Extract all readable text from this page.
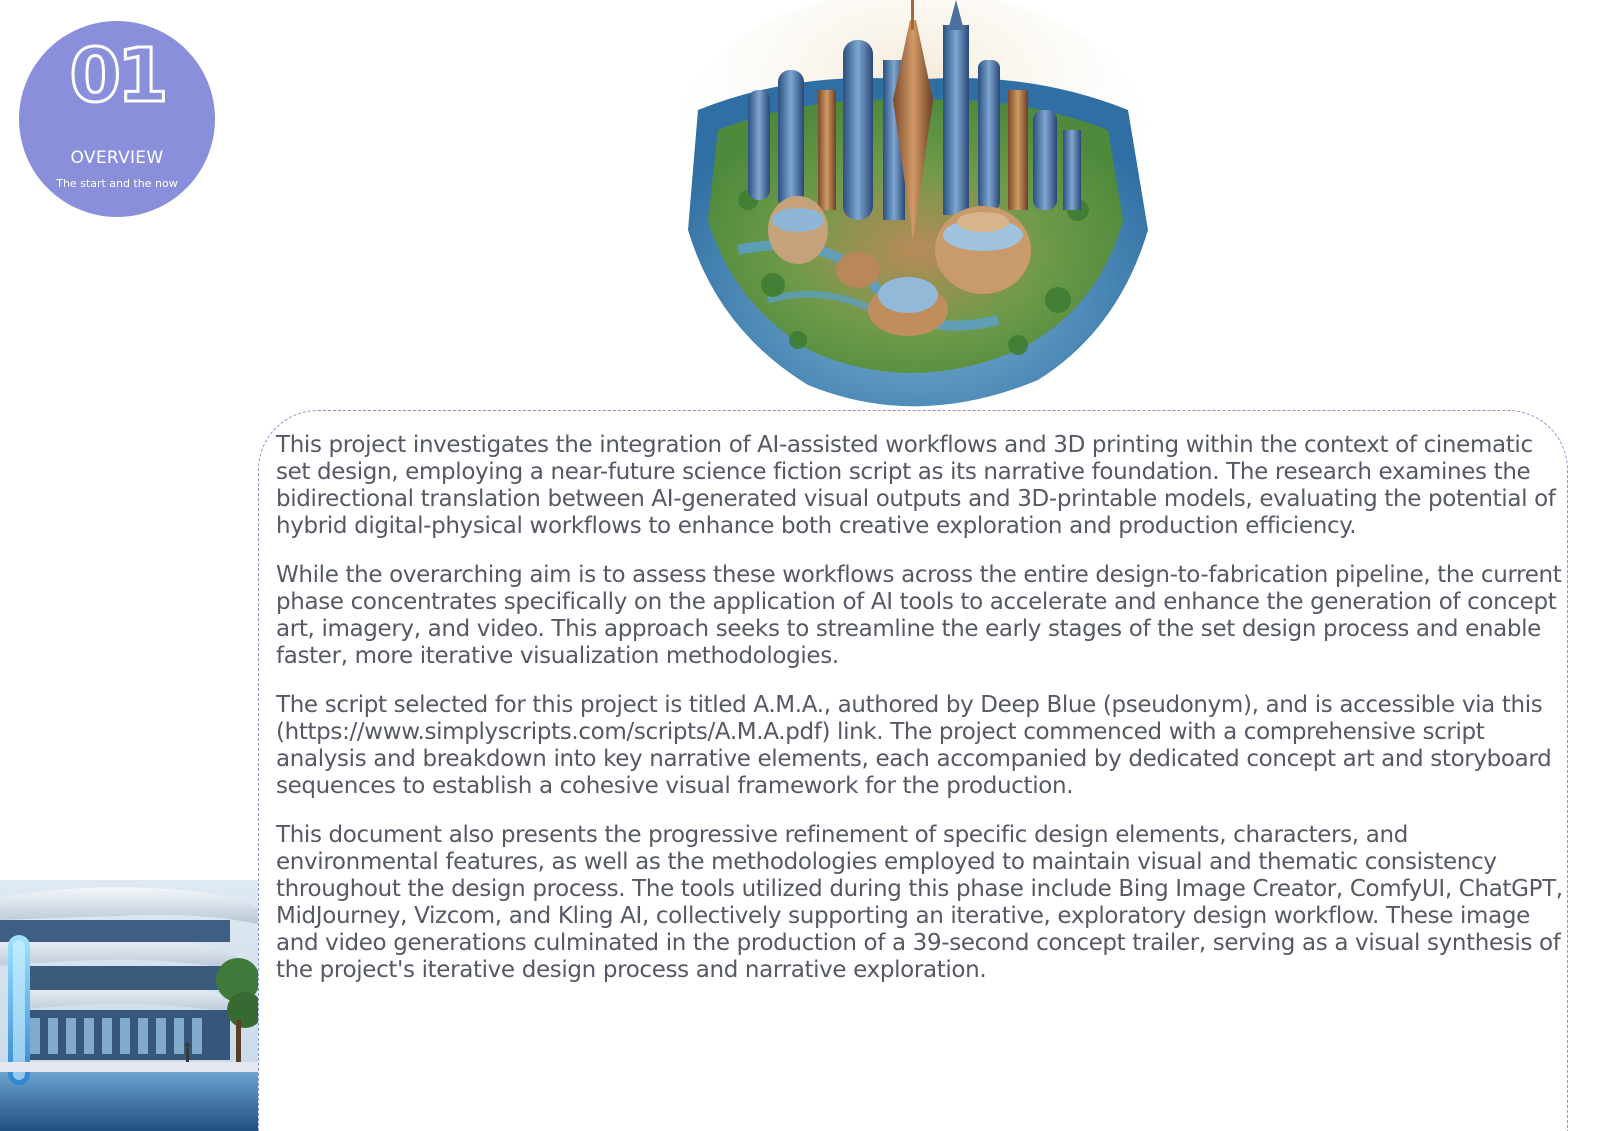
01
OVERVIEW
The start and the now

This project investigates the integration of AI-assisted workflows and 3D printing within the context of cinematic set design, employing a near-future science fiction script as its narrative foundation. The research examines the bidirectional translation between AI-generated visual outputs and 3D-printable models, evaluating the potential of hybrid digital-physical workflows to enhance both creative exploration and production efficiency.

While the overarching aim is to assess these workflows across the entire design-to-fabrication pipeline, the current phase concentrates specifically on the application of AI tools to accelerate and enhance the generation of concept art, imagery, and video. This approach seeks to streamline the early stages of the set design process and enable faster, more iterative visualization methodologies.

The script selected for this project is titled A.M.A., authored by Deep Blue (pseudonym), and is accessible via this (https://www.simplyscripts.com/scripts/A.M.A.pdf) link. The project commenced with a comprehensive script analysis and breakdown into key narrative elements, each accompanied by dedicated concept art and storyboard sequences to establish a cohesive visual framework for the production.

This document also presents the progressive refinement of specific design elements, characters, and environmental features, as well as the methodologies employed to maintain visual and thematic consistency throughout the design process. The tools utilized during this phase include Bing Image Creator, ComfyUI, ChatGPT, MidJourney, Vizcom, and Kling AI, collectively supporting an iterative, exploratory design workflow. These image and video generations culminated in the production of a 39-second concept trailer, serving as a visual synthesis of the project's iterative design process and narrative exploration.
